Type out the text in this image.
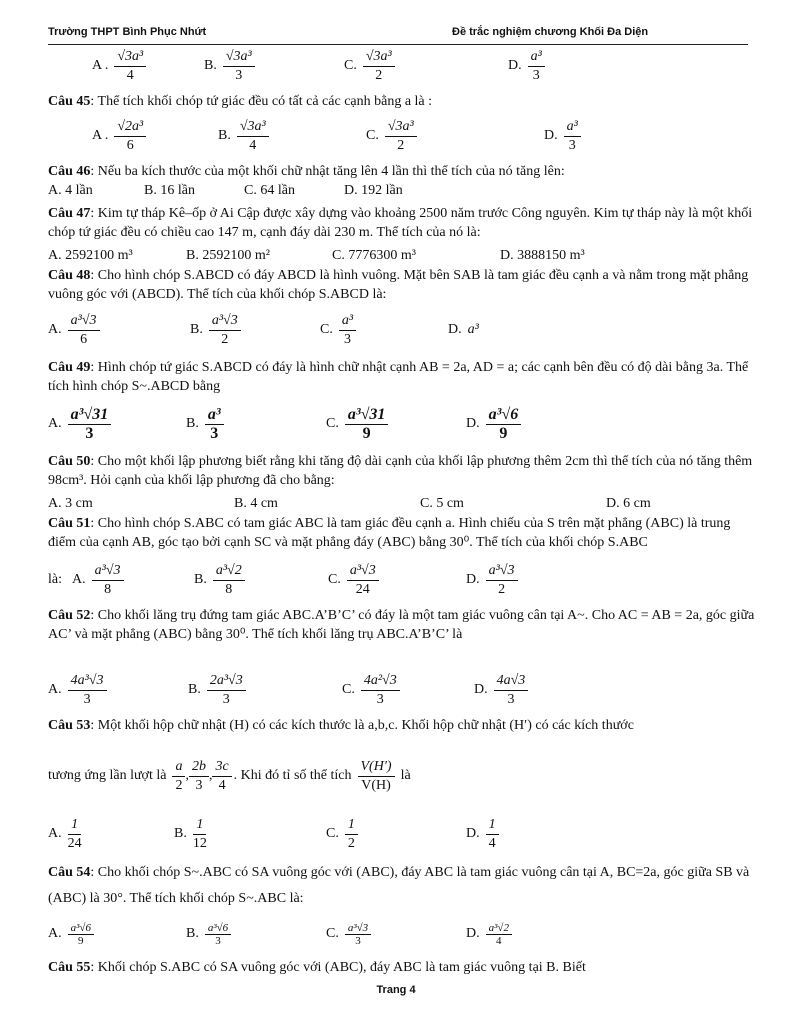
Trường THPT Bình Phục Nhứt	Đề trắc nghiệm chương Khối Đa Diện
A . $\frac{\text{√3a³}}{4}$	B. $\frac{\text{√3a³}}{3}$	C. $\frac{\text{√3a³}}{2}$	D. $\frac{\text{a³}}{3}$
Câu 45: Thể tích khối chóp tứ giác đều có tất cả các cạnh bằng a là :
A . $\frac{\text{√2a³}}{6}$	B. $\frac{\text{√3a³}}{4}$	C. $\frac{\text{√3a³}}{2}$	D. $\frac{\text{a³}}{3}$
Câu 46: Nếu ba kích thước của một khối chữ nhật tăng lên 4 lần thì thể tích của nó tăng lên:
A. 4 lần	B. 16 lần	C. 64 lần	D. 192 lần
Câu 47: Kim tự tháp Kê–ốp ở Ai Cập được xây dựng vào khoảng 2500 năm trước Công nguyên. Kim tự tháp này là một khối chóp tứ giác đều có chiều cao 147 m, cạnh đáy dài 230 m. Thể tích của nó là:
A. 2592100 m³	B. 2592100 m²	C. 7776300 m³	D. 3888150 m³
Câu 48: Cho hình chóp S.ABCD có đáy ABCD là hình vuông. Mặt bên SAB là tam giác đều cạnh a và nằm trong mặt phẳng vuông góc với (ABCD). Thể tích của khối chóp S.ABCD là:
A. $\frac{\text{a³√3}}{6}$	B. $\frac{\text{a³√3}}{2}$	C. $\frac{\text{a³}}{3}$	D. a³
Câu 49: Hình chóp tứ giác S.ABCD có đáy là hình chữ nhật cạnh AB = 2a, AD = a; các cạnh bên đều có độ dài bằng 3a. Thể tích hình chóp S~.ABCD bằng
A. $\frac{\text{a³√31}}{3}$	B. $\frac{\text{a³}}{3}$	C. $\frac{\text{a³√31}}{9}$	D. $\frac{\text{a³√6}}{9}$
Câu 50: Cho một khối lập phương biết rằng khi tăng độ dài cạnh của khối lập phương thêm 2cm thì thể tích của nó tăng thêm 98cm³. Hỏi cạnh của khối lập phương đã cho bằng:
A. 3 cm	B. 4 cm	C. 5 cm	D. 6 cm
Câu 51: Cho hình chóp S.ABC có tam giác ABC là tam giác đều cạnh a. Hình chiếu của S trên mặt phẳng (ABC) là trung điểm của cạnh AB, góc tạo bởi cạnh SC và mặt phẳng đáy (ABC) bằng 30⁰. Thể tích của khối chóp S.ABC
là: A. $\frac{\text{a³√3}}{8}$	B. $\frac{\text{a³√2}}{8}$	C. $\frac{\text{a³√3}}{24}$	D. $\frac{\text{a³√3}}{2}$
Câu 52: Cho khối lăng trụ đứng tam giác ABC.A’B’C’ có đáy là một tam giác vuông cân tại A~. Cho AC = AB = 2a, góc giữa AC’ và mặt phẳng (ABC) bằng 30⁰. Thể tích khối lăng trụ ABC.A’B’C’ là
A. $\frac{\text{4a³√3}}{3}$	B. $\frac{\text{2a³√3}}{3}$	C. $\frac{\text{4a²√3}}{3}$	D. $\frac{4a√3}{3}$
Câu 53: Một khối hộp chữ nhật (H) có các kích thước là a,b,c. Khối hộp chữ nhật (H′) có các kích thước
tương ứng lần lượt là $\frac{a}{2}$ , $\frac{2b}{3}$ , $\frac{3c}{4}$ . Khi đó tỉ số thể tích $\frac{V(H')}{V(H)}$ là
A. $\frac{1}{24}$	B. $\frac{1}{12}$	C. $\frac{1}{2}$	D. $\frac{1}{4}$
Câu 54: Cho khối chóp S~.ABC có SA vuông góc với (ABC), đáy ABC là tam giác vuông cân tại A, BC=2a, góc giữa SB và (ABC) là 30°. Thể tích khối chóp S~.ABC là:
A. $\frac{\text{a³√6}}{9}$	B. $\frac{\text{a³√6}}{3}$	C. $\frac{\text{a³√3}}{3}$	D. $\frac{\text{a³√2}}{4}$
Câu 55: Khối chóp S.ABC có SA vuông góc với (ABC), đáy ABC là tam giác vuông tại B. Biết
Trang 4
